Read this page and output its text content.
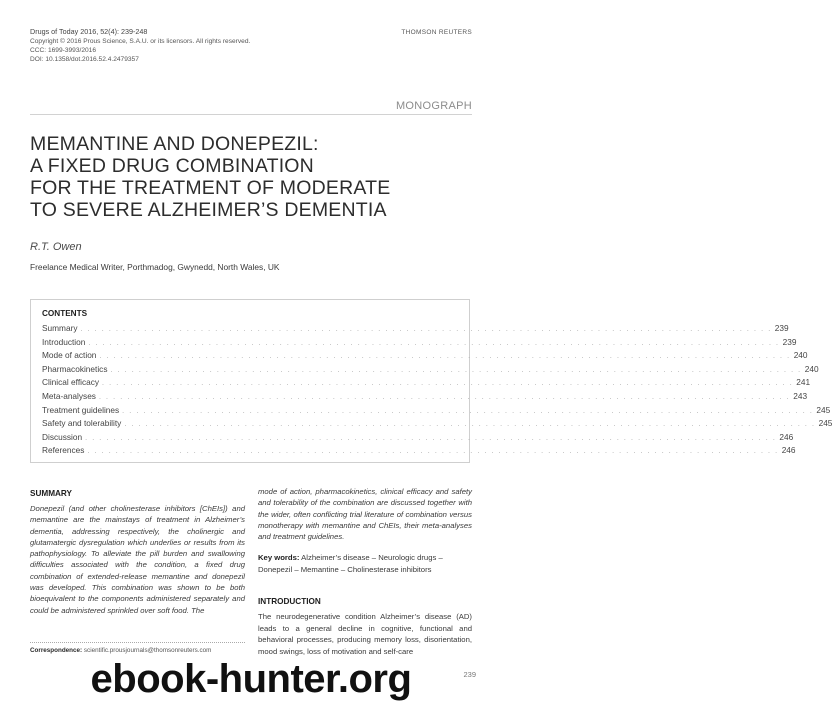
Drugs of Today 2016, 52(4): 239-248
Copyright © 2016 Prous Science, S.A.U. or its licensors. All rights reserved.
CCC: 1699-3993/2016
DOI: 10.1358/dot.2016.52.4.2479357
THOMSON REUTERS
MONOGRAPH
MEMANTINE AND DONEPEZIL:
A FIXED DRUG COMBINATION
FOR THE TREATMENT OF MODERATE
TO SEVERE ALZHEIMER’S DEMENTIA
R.T. Owen
Freelance Medical Writer, Porthmadog, Gwynedd, North Wales, UK
CONTENTS
Summary . . . . . . . . . . . . . . . . . . . . . . . . . . . . . . . . . . . . . . . . . . . . . . . . . . . . . . . . . . . . . . . . . . . . . . . . . . . . . . . . . . . . . . . . . . . . . . . . . . 239
Introduction . . . . . . . . . . . . . . . . . . . . . . . . . . . . . . . . . . . . . . . . . . . . . . . . . . . . . . . . . . . . . . . . . . . . . . . . . . . . . . . . . . . . . . . . . . . . . . . . . . 239
Mode of action . . . . . . . . . . . . . . . . . . . . . . . . . . . . . . . . . . . . . . . . . . . . . . . . . . . . . . . . . . . . . . . . . . . . . . . . . . . . . . . . . . . . . . . . . . . . . . . . . . 240
Pharmacokinetics . . . . . . . . . . . . . . . . . . . . . . . . . . . . . . . . . . . . . . . . . . . . . . . . . . . . . . . . . . . . . . . . . . . . . . . . . . . . . . . . . . . . . . . . . . . . . . . . . . 240
Clinical efficacy . . . . . . . . . . . . . . . . . . . . . . . . . . . . . . . . . . . . . . . . . . . . . . . . . . . . . . . . . . . . . . . . . . . . . . . . . . . . . . . . . . . . . . . . . . . . . . . . . . 241
Meta-analyses . . . . . . . . . . . . . . . . . . . . . . . . . . . . . . . . . . . . . . . . . . . . . . . . . . . . . . . . . . . . . . . . . . . . . . . . . . . . . . . . . . . . . . . . . . . . . . . . . . 243
Treatment guidelines . . . . . . . . . . . . . . . . . . . . . . . . . . . . . . . . . . . . . . . . . . . . . . . . . . . . . . . . . . . . . . . . . . . . . . . . . . . . . . . . . . . . . . . . . . . . . . . . . . 245
Safety and tolerability . . . . . . . . . . . . . . . . . . . . . . . . . . . . . . . . . . . . . . . . . . . . . . . . . . . . . . . . . . . . . . . . . . . . . . . . . . . . . . . . . . . . . . . . . . . . . . . . . . 245
Discussion . . . . . . . . . . . . . . . . . . . . . . . . . . . . . . . . . . . . . . . . . . . . . . . . . . . . . . . . . . . . . . . . . . . . . . . . . . . . . . . . . . . . . . . . . . . . . . . . . . 246
References . . . . . . . . . . . . . . . . . . . . . . . . . . . . . . . . . . . . . . . . . . . . . . . . . . . . . . . . . . . . . . . . . . . . . . . . . . . . . . . . . . . . . . . . . . . . . . . . . . 246
SUMMARY
Donepezil (and other cholinesterase inhibitors [ChEIs]) and memantine are the mainstays of treatment in Alzheimer’s dementia, addressing respectively, the cholinergic and glutamatergic dysregulation which underlies or results from its pathophysiology. To alleviate the pill burden and swallowing difficulties associated with the condition, a fixed drug combination of extended-release memantine and donepezil was developed. This combination was shown to be both bioequivalent to the components administered separately and could be administered sprinkled over soft food. The
mode of action, pharmacokinetics, clinical efficacy and safety and tolerability of the combination are discussed together with the wider, often conflicting trial literature of combination versus monotherapy with memantine and ChEIs, their meta-analyses and treatment guidelines.
Key words: Alzheimer’s disease – Neurologic drugs – Donepezil – Memantine – Cholinesterase inhibitors
INTRODUCTION
The neurodegenerative condition Alzheimer’s disease (AD) leads to a general decline in cognitive, functional and behavioral processes, producing memory loss, disorientation, mood swings, loss of motivation and self-care
Correspondence: scientific.prousjournals@thomsonreuters.com
239
ebook-hunter.org
